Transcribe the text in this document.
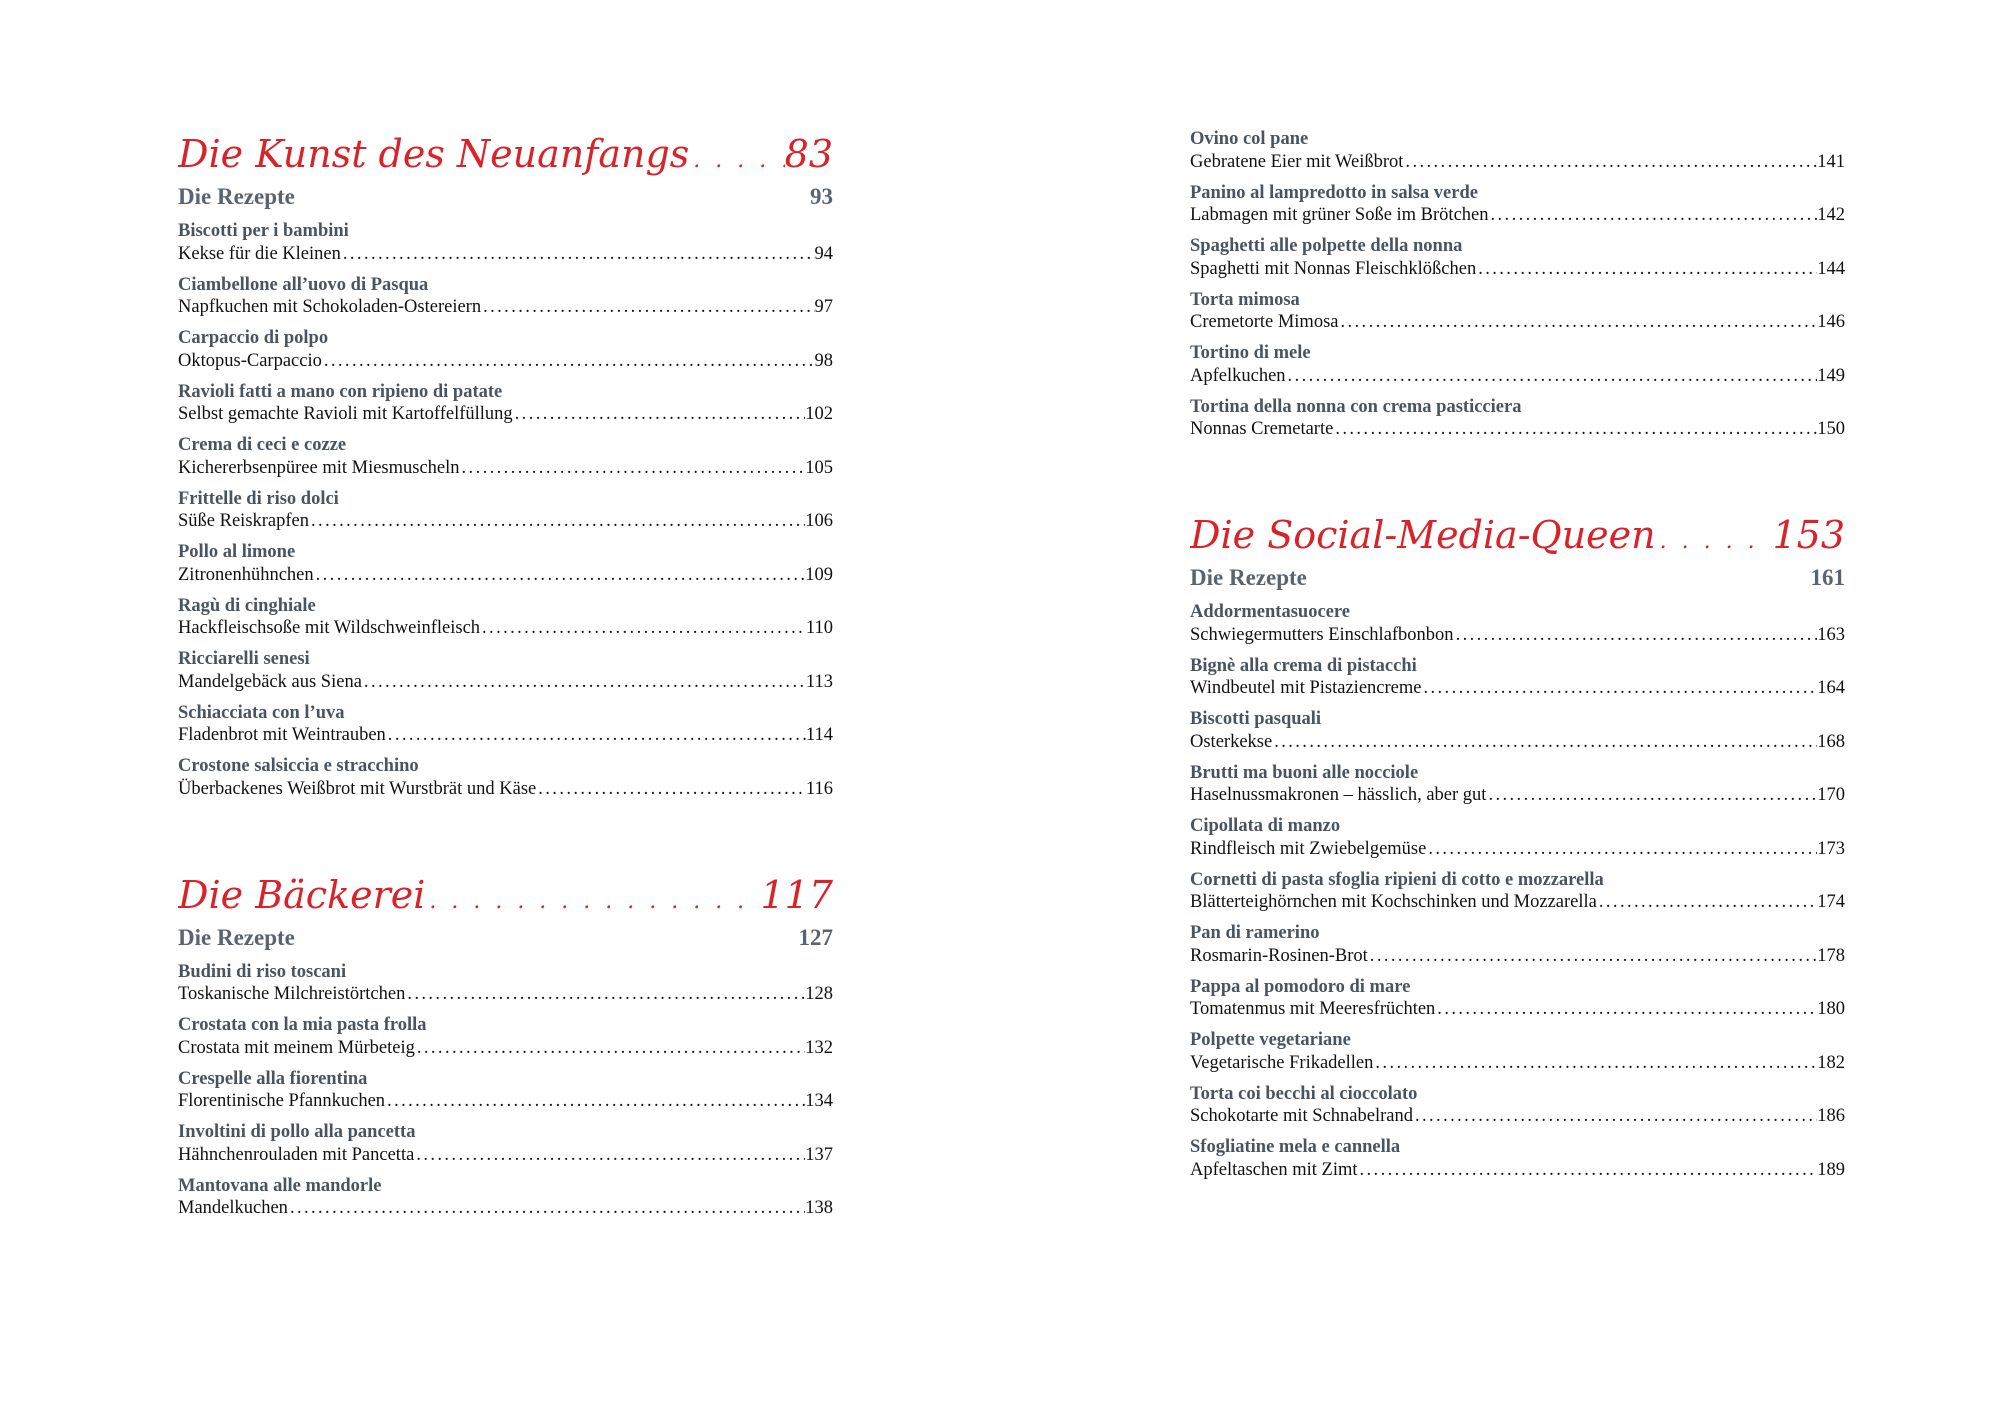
Die Kunst des Neuanfangs . . .	83
Die Rezepte	93
Biscotti per i bambini
Kekse für die Kleinen .....	94
Ciambellone all’uovo di Pasqua
Napfkuchen mit Schokoladen-Ostereiern .....	97
Carpaccio di polpo
Oktopus-Carpaccio .....	98
Ravioli fatti a mano con ripieno di patate
Selbst gemachte Ravioli mit Kartoffelfüllung .....	102
Crema di ceci e cozze
Kichererbsenpüree mit Miesmuscheln .....	105
Frittelle di riso dolci
Süße Reiskrapfen .....	106
Pollo al limone
Zitronenhühnchen .....	109
Ragù di cinghiale
Hackfleischsoße mit Wildschweinfleisch .....	110
Ricciarelli senesi
Mandelgebäck aus Siena .....	113
Schiacciata con l’uva
Fladenbrot mit Weintrauben .....	114
Crostone salsiccia e stracchino
Überbackenes Weißbrot mit Wurstbrät und Käse .....	116
Die Bäckerei . . .	117
Die Rezepte	127
Budini di riso toscani
Toskanische Milchreistörtchen .....	128
Crostata con la mia pasta frolla
Crostata mit meinem Mürbeteig .....	132
Crespelle alla fiorentina
Florentinische Pfannkuchen .....	134
Involtini di pollo alla pancetta
Hähnchenrouladen mit Pancetta .....	137
Mantovana alle mandorle
Mandelkuchen .....	138
Ovino col pane
Gebratene Eier mit Weißbrot .....	141
Panino al lampredotto in salsa verde
Labmagen mit grüner Soße im Brötchen .....	142
Spaghetti alle polpette della nonna
Spaghetti mit Nonnas Fleischklößchen .....	144
Torta mimosa
Cremetorte Mimosa .....	146
Tortino di mele
Apfelkuchen .....	149
Tortina della nonna con crema pasticciera
Nonnas Cremetarte .....	150
Die Social-Media-Queen . . .	153
Die Rezepte	161
Addormentasuocere
Schwiegermutters Einschlafbonbon .....	163
Bignè alla crema di pistacchi
Windbeutel mit Pistaziencreme .....	164
Biscotti pasquali
Osterkekse .....	168
Brutti ma buoni alle nocciole
Haselnussmakronen – hässlich, aber gut .....	170
Cipollata di manzo
Rindfleisch mit Zwiebelgemüse .....	173
Cornetti di pasta sfoglia ripieni di cotto e mozzarella
Blätterteighörnchen mit Kochschinken und Mozzarella .....	174
Pan di ramerino
Rosmarin-Rosinen-Brot .....	178
Pappa al pomodoro di mare
Tomatenmus mit Meeresfrüchten .....	180
Polpette vegetariane
Vegetarische Frikadellen .....	182
Torta coi becchi al cioccolato
Schokotarte mit Schnabelrand .....	186
Sfogliatine mela e cannella
Apfeltaschen mit Zimt .....	189
